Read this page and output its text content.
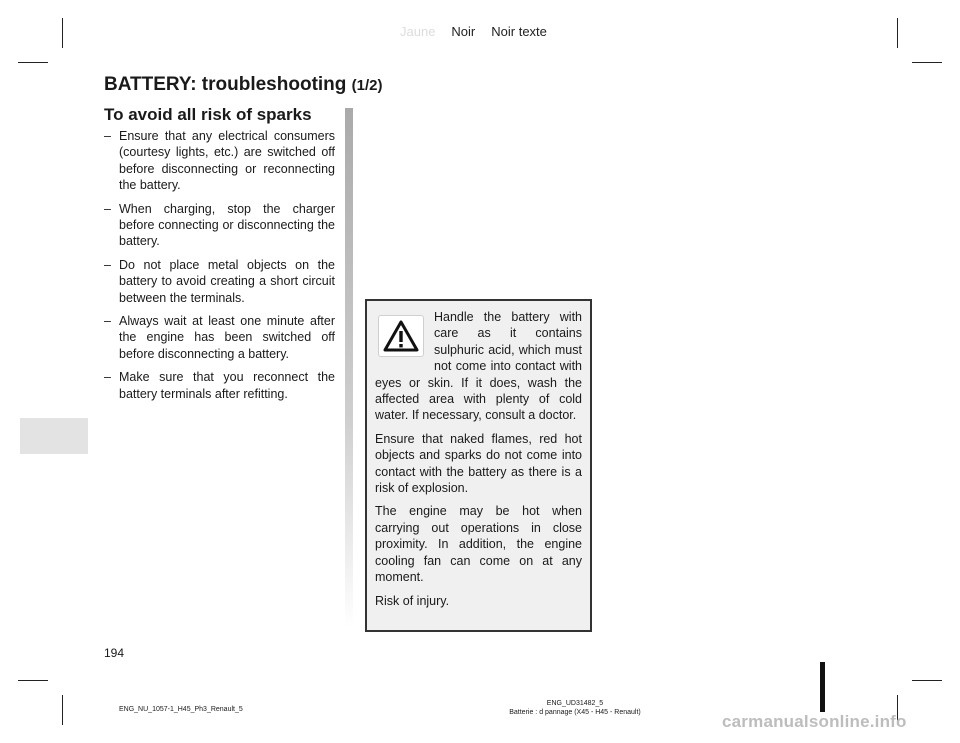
Jaune Noir Noir texte
BATTERY: troubleshooting (1/2)
To avoid all risk of sparks
– Ensure that any electrical consumers (courtesy lights, etc.) are switched off before disconnecting or reconnecting the battery.
– When charging, stop the charger before connecting or disconnecting the battery.
– Do not place metal objects on the battery to avoid creating a short circuit between the terminals.
– Always wait at least one minute after the engine has been switched off before disconnecting a battery.
– Make sure that you reconnect the battery terminals after refitting.

Handle the battery with care as it contains sulphuric acid, which must not come into contact with eyes or skin. If it does, wash the affected area with plenty of cold water. If necessary, consult a doctor.

Ensure that naked flames, red hot objects and sparks do not come into contact with the battery as there is a risk of explosion.

The engine may be hot when carrying out operations in close proximity. In addition, the engine cooling fan can come on at any moment.

Risk of injury.

194
ENG_NU_1057-1_H45_Ph3_Renault_5
ENG_UD31482_5
Batterie : d pannage (X45 - H45 - Renault)	carmanualsonline.info
